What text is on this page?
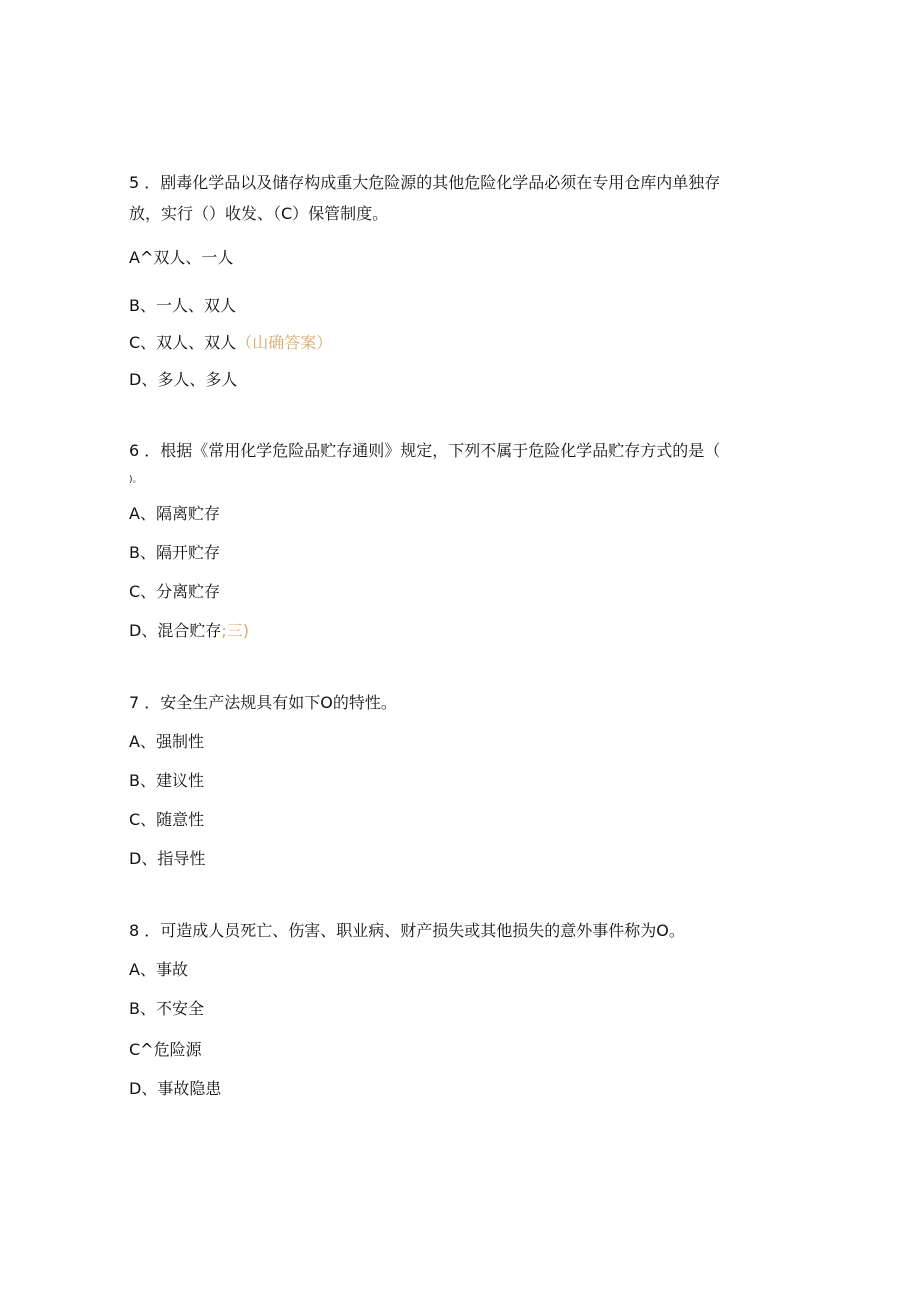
5 ．剧毒化学品以及储存构成重大危险源的其他危险化学品必须在专用仓库内单独存
放，实行（）收发、（C）保管制度。
A^双人、一人
B、一人、双人
C、双人、双人（山确答案）
D、多人、多人
6 ．根据《常用化学危险品贮存通则》规定，下列不属于危险化学品贮存方式的是（
)。
A、隔离贮存
B、隔开贮存
C、分离贮存
D、混合贮存;三)
7 ．安全生产法规具有如下O的特性。
A、强制性
B、建议性
C、随意性
D、指导性
8 ．可造成人员死亡、伤害、职业病、财产损失或其他损失的意外事件称为O。
A、事故
B、不安全
C^危险源
D、事故隐患
